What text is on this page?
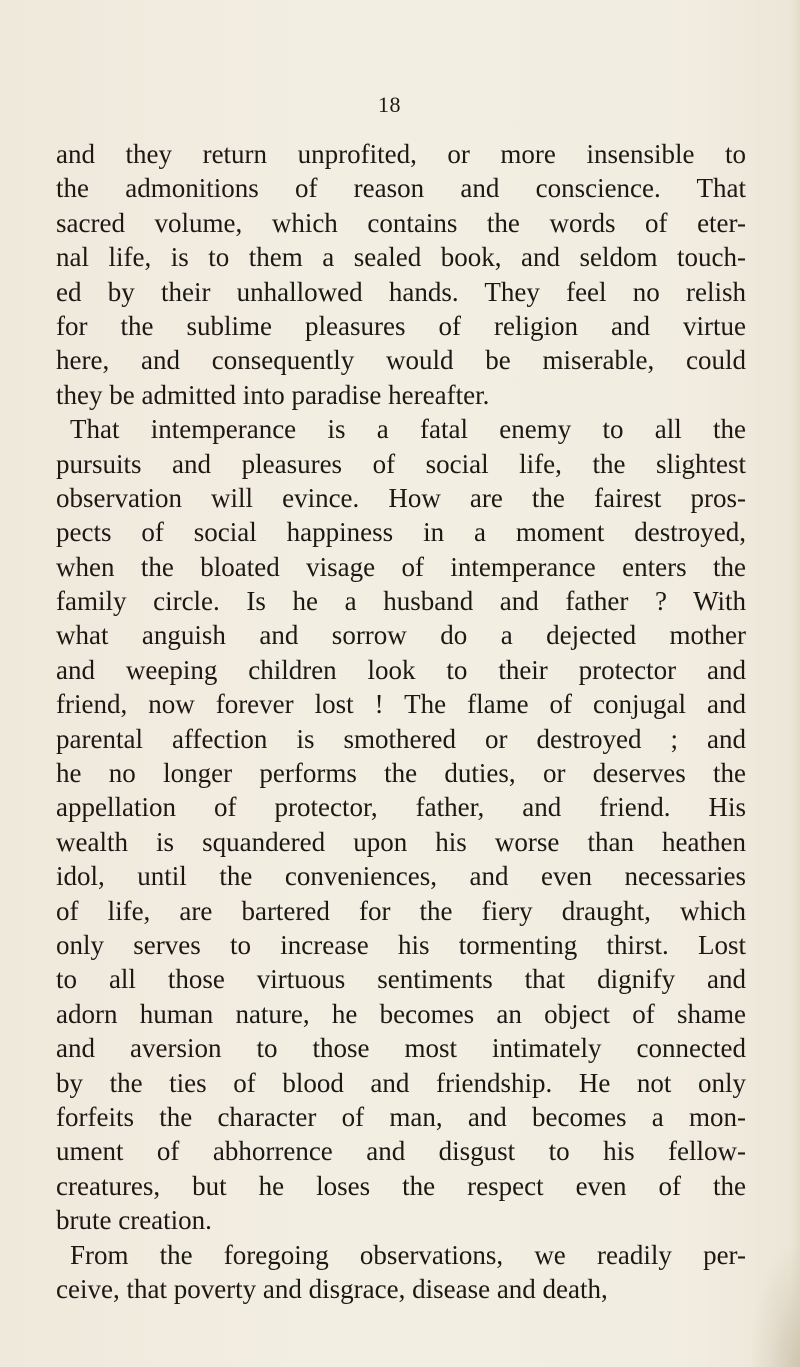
18
and they return unprofited, or more insensible to
the admonitions of reason and conscience. That
sacred volume, which contains the words of eter-
nal life, is to them a sealed book, and seldom touch-
ed by their unhallowed hands. They feel no relish
for the sublime pleasures of religion and virtue
here, and consequently would be miserable, could
they be admitted into paradise hereafter.
That intemperance is a fatal enemy to all the
pursuits and pleasures of social life, the slightest
observation will evince. How are the fairest pros-
pects of social happiness in a moment destroyed,
when the bloated visage of intemperance enters the
family circle. Is he a husband and father ? With
what anguish and sorrow do a dejected mother
and weeping children look to their protector and
friend, now forever lost ! The flame of conjugal and
parental affection is smothered or destroyed ; and
he no longer performs the duties, or deserves the
appellation of protector, father, and friend. His
wealth is squandered upon his worse than heathen
idol, until the conveniences, and even necessaries
of life, are bartered for the fiery draught, which
only serves to increase his tormenting thirst. Lost
to all those virtuous sentiments that dignify and
adorn human nature, he becomes an object of shame
and aversion to those most intimately connected
by the ties of blood and friendship. He not only
forfeits the character of man, and becomes a mon-
ument of abhorrence and disgust to his fellow-
creatures, but he loses the respect even of the
brute creation.
From the foregoing observations, we readily per-
ceive, that poverty and disgrace, disease and death,
